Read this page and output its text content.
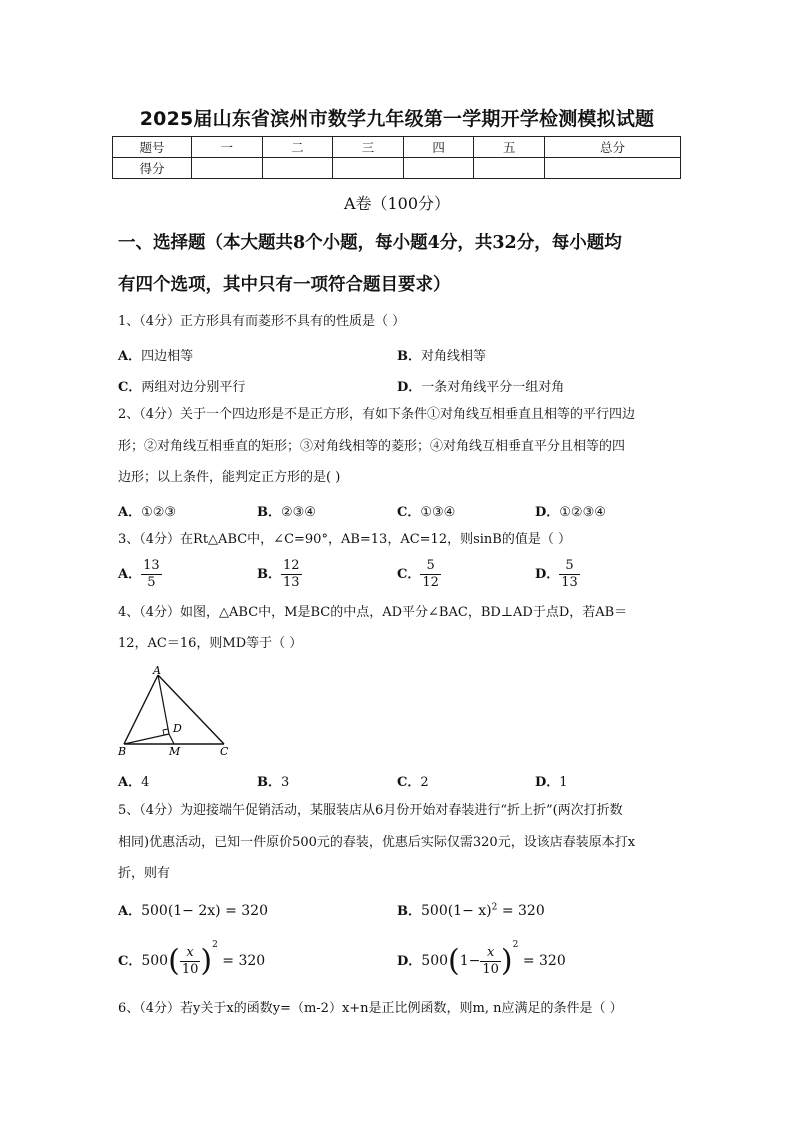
2025届山东省滨州市数学九年级第一学期开学检测模拟试题
题号	一	二	三	四	五	总分
得分						
A卷（100分）
一、选择题（本大题共8个小题，每小题4分，共32分，每小题均
有四个选项，其中只有一项符合题目要求）
1、（4分）正方形具有而菱形不具有的性质是（ ）
A．四边相等	B．对角线相等
C．两组对边分别平行	D．一条对角线平分一组对角
2、（4分）关于一个四边形是不是正方形，有如下条件①对角线互相垂直且相等的平行四边
形；②对角线互相垂直的矩形；③对角线相等的菱形；④对角线互相垂直平分且相等的四
边形；以上条件，能判定正方形的是( )
A．①②③	B．②③④	C．①③④	D．①②③④
3、（4分）在Rt△ABC中，∠C=90°，AB=13，AC=12，则sinB的值是（ ）
A． $\frac{13}{5}$	B． $\frac{12}{13}$	C． $\frac{5}{12}$	D． $\frac{5}{13}$
4、（4分）如图，△ABC中，M是BC的中点，AD平分∠BAC，BD⊥AD于点D，若AB＝
12，AC＝16，则MD等于（ ）
A
B	C
D
M
A．4	B．3	C．2	D．1
5、（4分）为迎接端午促销活动，某服装店从6月份开始对春装进行“折上折”(两次打折数
相同)优惠活动，已知一件原价500元的春装，优惠后实际仅需320元，设该店春装原本打x
折，则有
A．500(1− 2x) = 320	B．$500(1- x)^2 = 320$
C．$500( \frac{x}{10} )^2 = 320$	D．$500(1- \frac{x}{10} )^2 = 320$
6、（4分）若y关于x的函数y=（m-2）x+n是正比例函数，则m, n应满足的条件是（ ）
